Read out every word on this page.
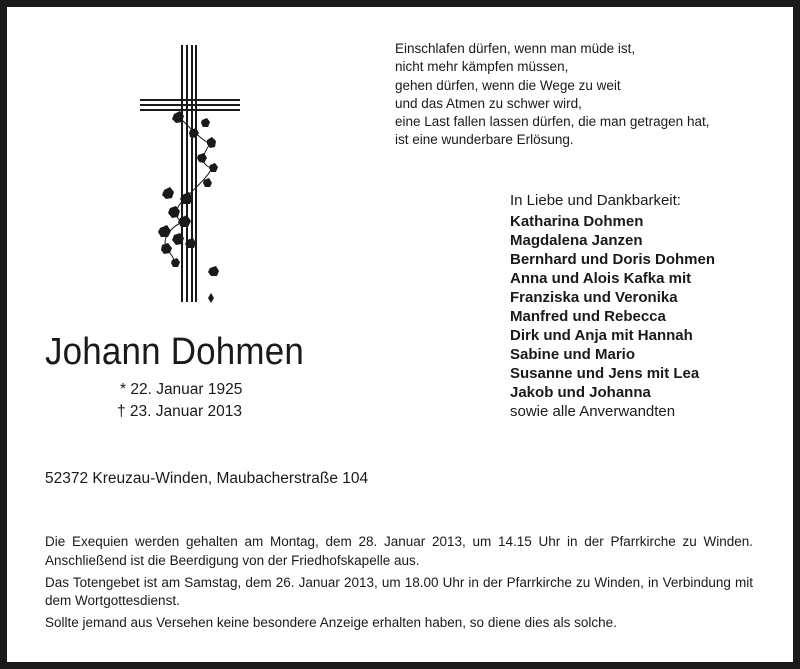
Einschlafen dürfen, wenn man müde ist,
nicht mehr kämpfen müssen,
gehen dürfen, wenn die Wege zu weit
und das Atmen zu schwer wird,
eine Last fallen lassen dürfen, die man getragen hat,
ist eine wunderbare Erlösung.
In Liebe und Dankbarkeit:
Katharina Dohmen
Magdalena Janzen
Bernhard und Doris Dohmen
Anna und Alois Kafka mit
Franziska und Veronika
Manfred und Rebecca
Dirk und Anja mit Hannah
Sabine und Mario
Susanne und Jens mit Lea
Jakob und Johanna
sowie alle Anverwandten
Johann Dohmen
* 22. Januar 1925
† 23. Januar 2013
52372 Kreuzau-Winden, Maubacherstraße 104

Die Exequien werden gehalten am Montag, dem 28. Januar 2013, um 14.15 Uhr in der Pfarrkirche zu Winden. Anschließend ist die Beerdigung von der Friedhofskapelle aus.

Das Totengebet ist am Samstag, dem 26. Januar 2013, um 18.00 Uhr in der Pfarrkirche zu Winden, in Verbindung mit dem Wortgottesdienst.

Sollte jemand aus Versehen keine besondere Anzeige erhalten haben, so diene dies als solche.
